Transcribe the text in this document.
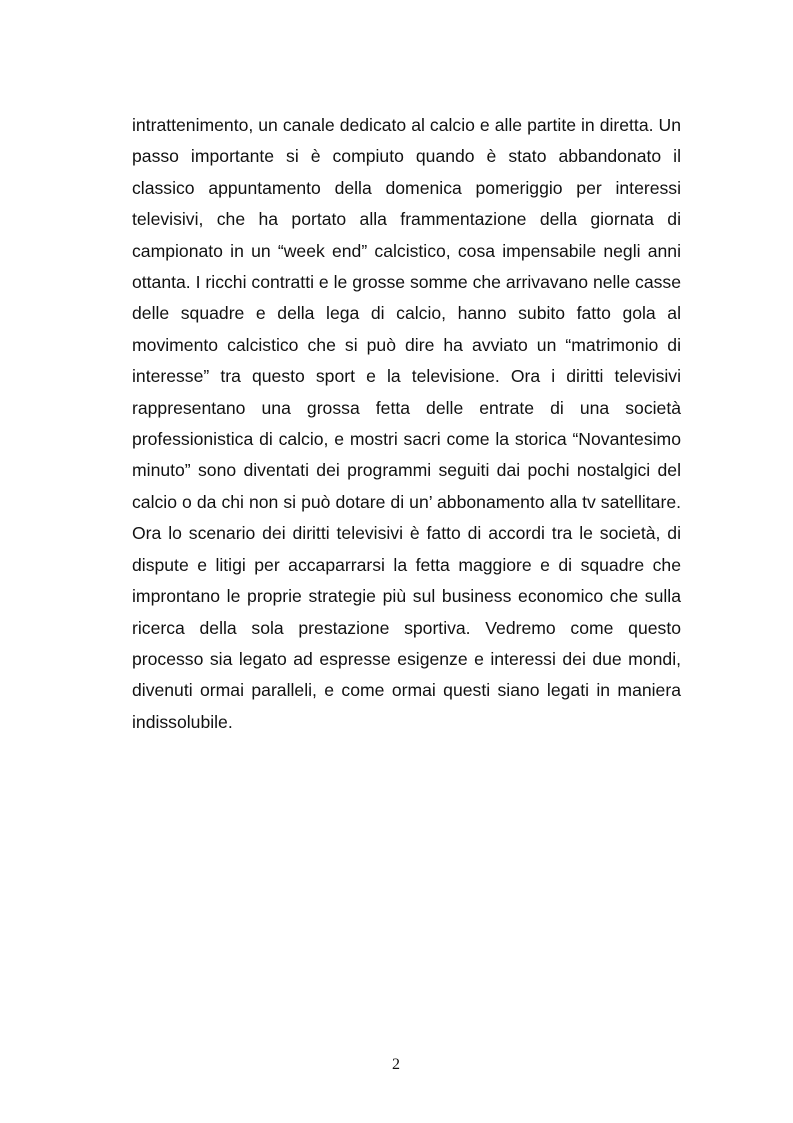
intrattenimento, un canale dedicato al calcio e alle partite in diretta. Un passo importante si è compiuto quando è stato abbandonato il classico appuntamento della domenica pomeriggio per interessi televisivi, che ha portato alla frammentazione della giornata di campionato in un “week end” calcistico, cosa impensabile negli anni ottanta. I ricchi contratti e le grosse somme che arrivavano nelle casse delle squadre e della lega di calcio, hanno subito fatto gola al movimento calcistico che si può dire ha avviato un “matrimonio di interesse” tra questo sport e la televisione. Ora i diritti televisivi rappresentano una grossa fetta delle entrate di una società professionistica di calcio, e mostri sacri come la storica “Novantesimo minuto” sono diventati dei programmi seguiti dai pochi nostalgici del calcio o da chi non si può dotare di un’ abbonamento alla tv satellitare. Ora lo scenario dei diritti televisivi è fatto di accordi tra le società, di dispute e litigi per accaparrarsi la fetta maggiore e di squadre che improntano le proprie strategie più sul business economico che sulla ricerca della sola prestazione sportiva. Vedremo come questo processo sia legato ad espresse esigenze e interessi dei due mondi, divenuti ormai paralleli, e come ormai questi siano legati in maniera indissolubile.

2
